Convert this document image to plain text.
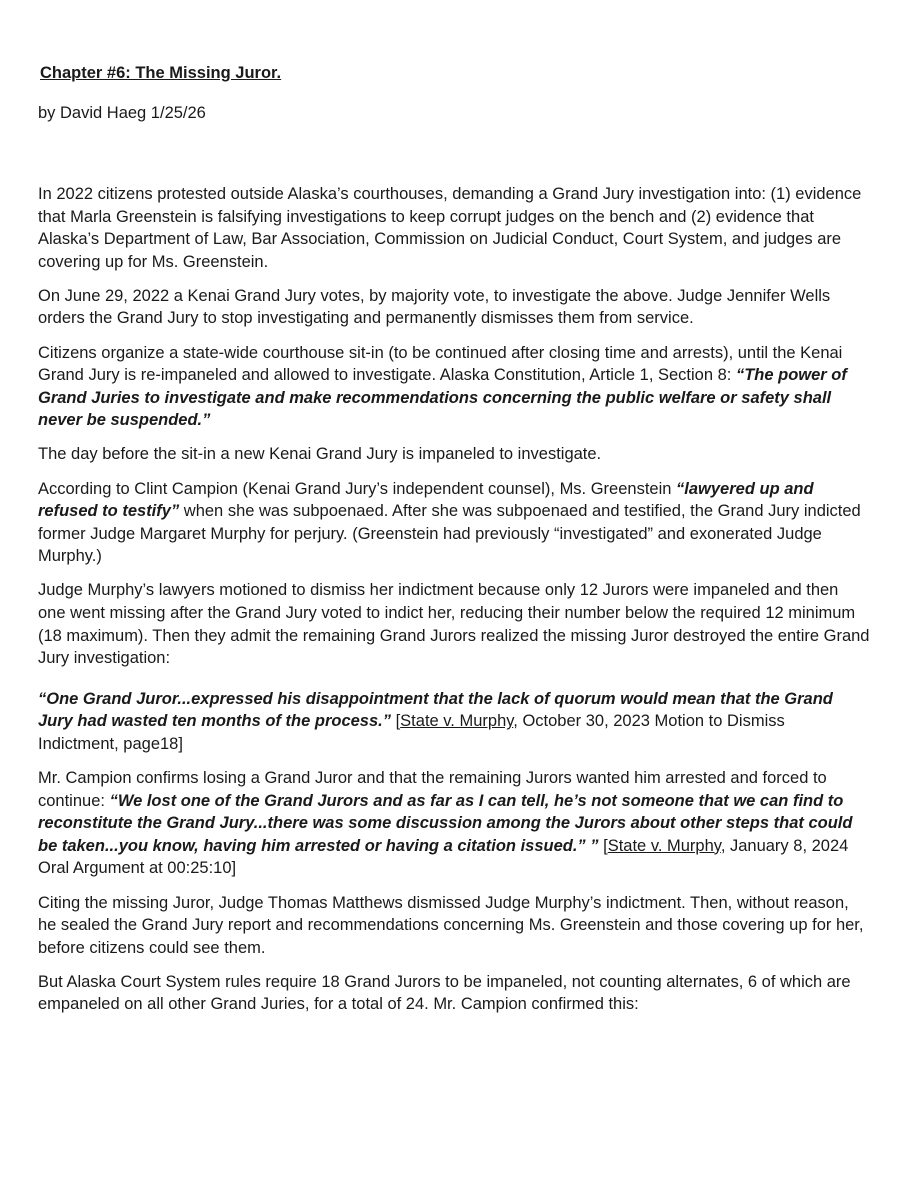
Chapter #6: The Missing Juror.
by David Haeg 1/25/26

In 2022 citizens protested outside Alaska’s courthouses, demanding a Grand Jury investigation into: (1) evidence that Marla Greenstein is falsifying investigations to keep corrupt judges on the bench and (2) evidence that Alaska’s Department of Law, Bar Association, Commission on Judicial Conduct, Court System, and judges are covering up for Ms. Greenstein.

On June 29, 2022 a Kenai Grand Jury votes, by majority vote, to investigate the above. Judge Jennifer Wells orders the Grand Jury to stop investigating and permanently dismisses them from service.

Citizens organize a state-wide courthouse sit-in (to be continued after closing time and arrests), until the Kenai Grand Jury is re-impaneled and allowed to investigate. Alaska Constitution, Article 1, Section 8: “The power of Grand Juries to investigate and make recommendations concerning the public welfare or safety shall never be suspended.”

The day before the sit-in a new Kenai Grand Jury is impaneled to investigate.

According to Clint Campion (Kenai Grand Jury’s independent counsel), Ms. Greenstein “lawyered up and refused to testify” when she was subpoenaed. After she was subpoenaed and testified, the Grand Jury indicted former Judge Margaret Murphy for perjury. (Greenstein had previously “investigated” and exonerated Judge Murphy.)

Judge Murphy’s lawyers motioned to dismiss her indictment because only 12 Jurors were impaneled and then one went missing after the Grand Jury voted to indict her, reducing their number below the required 12 minimum (18 maximum). Then they admit the remaining Grand Jurors realized the missing Juror destroyed the entire Grand Jury investigation:

“One Grand Juror...expressed his disappointment that the lack of quorum would mean that the Grand Jury had wasted ten months of the process.” [State v. Murphy, October 30, 2023 Motion to Dismiss Indictment, page18]

Mr. Campion confirms losing a Grand Juror and that the remaining Jurors wanted him arrested and forced to continue: “We lost one of the Grand Jurors and as far as I can tell, he’s not someone that we can find to reconstitute the Grand Jury...there was some discussion among the Jurors about other steps that could be taken...you know, having him arrested or having a citation issued.” ” [State v. Murphy, January 8, 2024 Oral Argument at 00:25:10]

Citing the missing Juror, Judge Thomas Matthews dismissed Judge Murphy’s indictment. Then, without reason, he sealed the Grand Jury report and recommendations concerning Ms. Greenstein and those covering up for her, before citizens could see them.

But Alaska Court System rules require 18 Grand Jurors to be impaneled, not counting alternates, 6 of which are empaneled on all other Grand Juries, for a total of 24. Mr. Campion confirmed this:
